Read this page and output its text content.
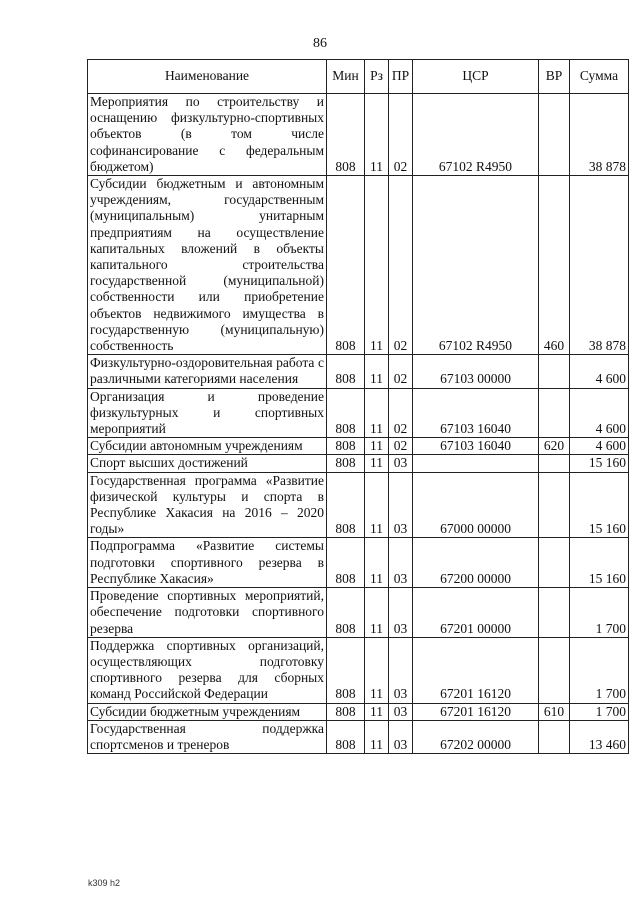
86
Наименование	Мин	Рз	ПР	ЦСР	ВР	Сумма
Мероприятия по строительству и оснащению физкультурно-спортивных объектов (в том числе софинансирование с федеральным бюджетом)	808	11	02	67102 R4950		38 878
Субсидии бюджетным и автономным учреждениям, государственным (муниципальным) унитарным предприятиям на осуществление капитальных вложений в объекты капитального строительства государственной (муниципальной) собственности или приобретение объектов недвижимого имущества в государственную (муниципальную) собственность	808	11	02	67102 R4950	460	38 878
Физкультурно-оздоровительная работа с различными категориями населения	808	11	02	67103 00000		4 600
Организация и проведение физкультурных и спортивных мероприятий	808	11	02	67103 16040		4 600
Субсидии автономным учреждениям	808	11	02	67103 16040	620	4 600
Спорт высших достижений	808	11	03			15 160
Государственная программа «Развитие физической культуры и спорта в Республике Хакасия на 2016 – 2020 годы»	808	11	03	67000 00000		15 160
Подпрограмма «Развитие системы подготовки спортивного резерва в Республике Хакасия»	808	11	03	67200 00000		15 160
Проведение спортивных мероприятий, обеспечение подготовки спортивного резерва	808	11	03	67201 00000		1 700
Поддержка спортивных организаций, осуществляющих подготовку спортивного резерва для сборных команд Российской Федерации	808	11	03	67201 16120		1 700
Субсидии бюджетным учреждениям	808	11	03	67201 16120	610	1 700
Государственная поддержка спортсменов и тренеров	808	11	03	67202 00000		13 460
k309 h2
